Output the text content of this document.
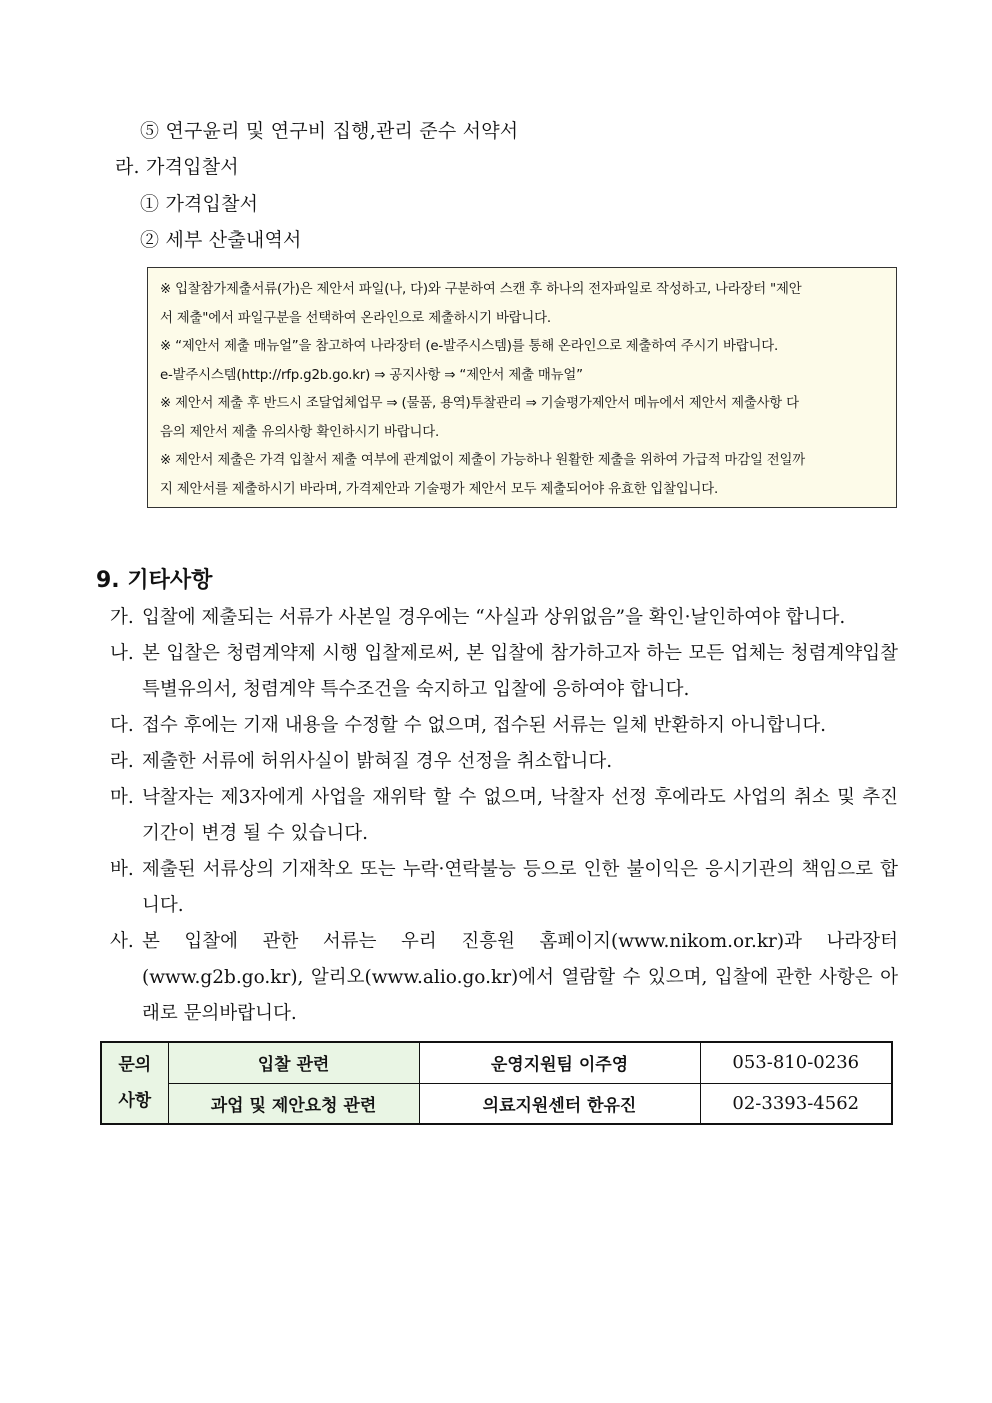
⑤ 연구윤리 및 연구비 집행,관리 준수 서약서
라. 가격입찰서
① 가격입찰서
② 세부 산출내역서
※ 입찰참가제출서류(가)은 제안서 파일(나, 다)와 구분하여 스캔 후 하나의 전자파일로 작성하고, 나라장터 "제안
서 제출"에서 파일구분을 선택하여 온라인으로 제출하시기 바랍니다.
※ “제안서 제출 매뉴얼”을 참고하여 나라장터 (e-발주시스템)를 통해 온라인으로 제출하여 주시기 바랍니다.
e-발주시스템(http://rfp.g2b.go.kr) ⇒ 공지사항 ⇒ “제안서 제출 매뉴얼”
※ 제안서 제출 후 반드시 조달업체업무 ⇒ (물품, 용역)투찰관리 ⇒ 기술평가제안서 메뉴에서 제안서 제출사항 다
음의 제안서 제출 유의사항 확인하시기 바랍니다.
※ 제안서 제출은 가격 입찰서 제출 여부에 관계없이 제출이 가능하나 원활한 제출을 위하여 가급적 마감일 전일까
지 제안서를 제출하시기 바라며, 가격제안과 기술평가 제안서 모두 제출되어야 유효한 입찰입니다.
9. 기타사항
가. 입찰에 제출되는 서류가 사본일 경우에는 “사실과 상위없음”을 확인·날인하여야 합니다.
나. 본 입찰은 청렴계약제 시행 입찰제로써, 본 입찰에 참가하고자 하는 모든 업체는 청렴계약입찰 특별유의서, 청렴계약 특수조건을 숙지하고 입찰에 응하여야 합니다.
다. 접수 후에는 기재 내용을 수정할 수 없으며, 접수된 서류는 일체 반환하지 아니합니다.
라. 제출한 서류에 허위사실이 밝혀질 경우 선정을 취소합니다.
마. 낙찰자는 제3자에게 사업을 재위탁 할 수 없으며, 낙찰자 선정 후에라도 사업의 취소 및 추진 기간이 변경 될 수 있습니다.
바. 제출된 서류상의 기재착오 또는 누락·연락불능 등으로 인한 불이익은 응시기관의 책임으로 합니다.
사. 본 입찰에 관한 서류는 우리 진흥원 홈페이지(www.nikom.or.kr)과 나라장터(www.g2b.go.kr), 알리오(www.alio.go.kr)에서 열람할 수 있으며, 입찰에 관한 사항은 아래로 문의바랍니다.
문의
사항	입찰 관련	운영지원팀 이주영	053-810-0236
	과업 및 제안요청 관련	의료지원센터 한유진	02-3393-4562
